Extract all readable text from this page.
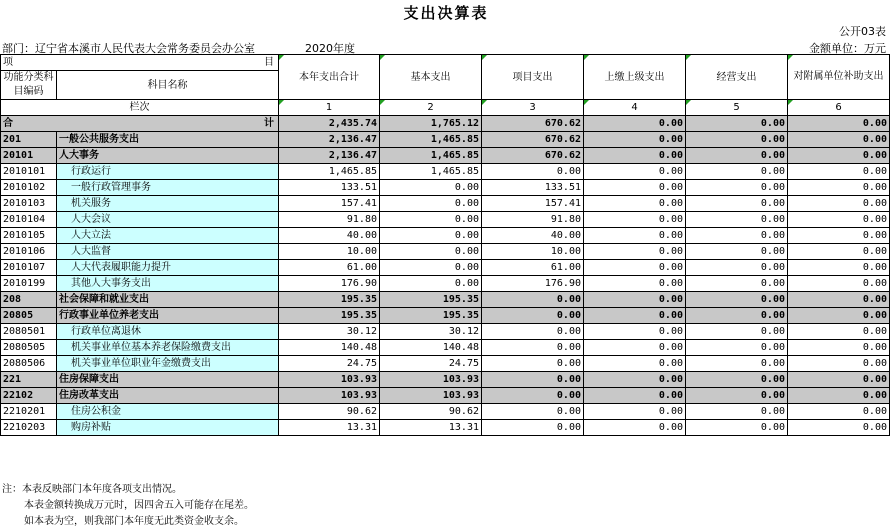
支出决算表
公开03表
部门：辽宁省本溪市人民代表大会常务委员会办公室	2020年度	金额单位：万元
项 目		本年支出合计	基本支出	项目支出	上缴上级支出	经营支出	对附属单位补助支出
功能分类科目编码	科目名称						
栏次		1	2	3	4	5	6

合 计		2,435.74	1,765.12	670.62	0.00	0.00	0.00
201	一般公共服务支出	2,136.47	1,465.85	670.62	0.00	0.00	0.00
20101	人大事务	2,136.47	1,465.85	670.62	0.00	0.00	0.00
2010101	行政运行	1,465.85	1,465.85	0.00	0.00	0.00	0.00
2010102	一般行政管理事务	133.51	0.00	133.51	0.00	0.00	0.00
2010103	机关服务	157.41	0.00	157.41	0.00	0.00	0.00
2010104	人大会议	91.80	0.00	91.80	0.00	0.00	0.00
2010105	人大立法	40.00	0.00	40.00	0.00	0.00	0.00
2010106	人大监督	10.00	0.00	10.00	0.00	0.00	0.00
2010107	人大代表履职能力提升	61.00	0.00	61.00	0.00	0.00	0.00
2010199	其他人大事务支出	176.90	0.00	176.90	0.00	0.00	0.00
208	社会保障和就业支出	195.35	195.35	0.00	0.00	0.00	0.00
20805	行政事业单位养老支出	195.35	195.35	0.00	0.00	0.00	0.00
2080501	行政单位离退休	30.12	30.12	0.00	0.00	0.00	0.00
2080505	机关事业单位基本养老保险缴费支出	140.48	140.48	0.00	0.00	0.00	0.00
2080506	机关事业单位职业年金缴费支出	24.75	24.75	0.00	0.00	0.00	0.00
221	住房保障支出	103.93	103.93	0.00	0.00	0.00	0.00
22102	住房改革支出	103.93	103.93	0.00	0.00	0.00	0.00
2210201	住房公积金	90.62	90.62	0.00	0.00	0.00	0.00
2210203	购房补贴	13.31	13.31	0.00	0.00	0.00	0.00
注：本表反映部门本年度各项支出情况。
本表金额转换成万元时，因四舍五入可能存在尾差。
如本表为空，则我部门本年度无此类资金收支余。
